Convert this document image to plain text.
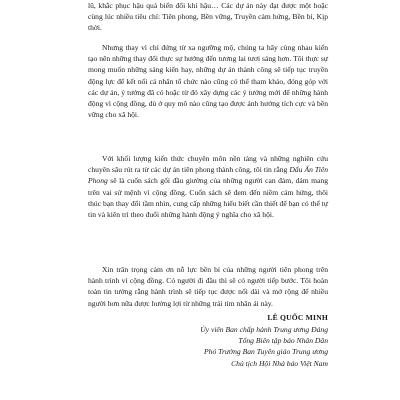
lũ, khắc phục hậu quả biến đổi khí hậu… Các dự án này đạt được một hoặc cùng lúc nhiều tiêu chí: Tiên phong, Bền vững, Truyền cảm hứng, Bền bỉ, Kịp thời.

Nhưng thay vì chỉ đứng từ xa ngưỡng mộ, chúng ta hãy cùng nhau kiến tạo nên những thay đổi thực sự hướng đến tương lai tươi sáng hơn. Tôi thực sự mong muốn những sáng kiến hay, những dự án thành công sẽ tiếp tục truyền động lực để kết nối cá nhân tổ chức nào cũng có thể tham khảo, đóng góp với các dự án, ý tưởng đã có hoặc từ đó xây dựng các ý tưởng mới để những hành động vì cộng đồng, dù ở quy mô nào cũng tạo được ảnh hưởng tích cực và bền vững cho xã hội.

Với khối lượng kiến thức chuyên môn nền tảng và những nghiên cứu chuyên sâu rút ra từ các dự án tiên phong thành công, tôi tin rằng Dấu Ấn Tiên Phong sẽ là cuốn sách gối đầu giường của những người can đảm, dám mang trên vai sứ mệnh vì cộng đồng. Cuốn sách sẽ đem đến niềm cảm hứng, thôi thúc bạn thay đổi tầm nhìn, cung cấp những hiểu biết cần thiết để bạn có thể tự tin và kiên trì theo đuổi những hành động ý nghĩa cho xã hội.

Xin trân trọng cảm ơn nỗ lực bền bỉ của những người tiên phong trên hành trình vì cộng đồng. Có người đi đầu thì sẽ có người tiếp bước. Tôi hoàn toàn tin tưởng rằng hành trình sẽ tiếp tục được nối dài và mở rộng để nhiều người hơn nữa được hưởng lợi từ những trái tim nhân ái này.

LÊ QUỐC MINH
Ủy viên Ban chấp hành Trung ương Đảng
Tổng Biên tập báo Nhân Dân
Phó Trưởng Ban Tuyên giáo Trung ương
Chủ tịch Hội Nhà báo Việt Nam
